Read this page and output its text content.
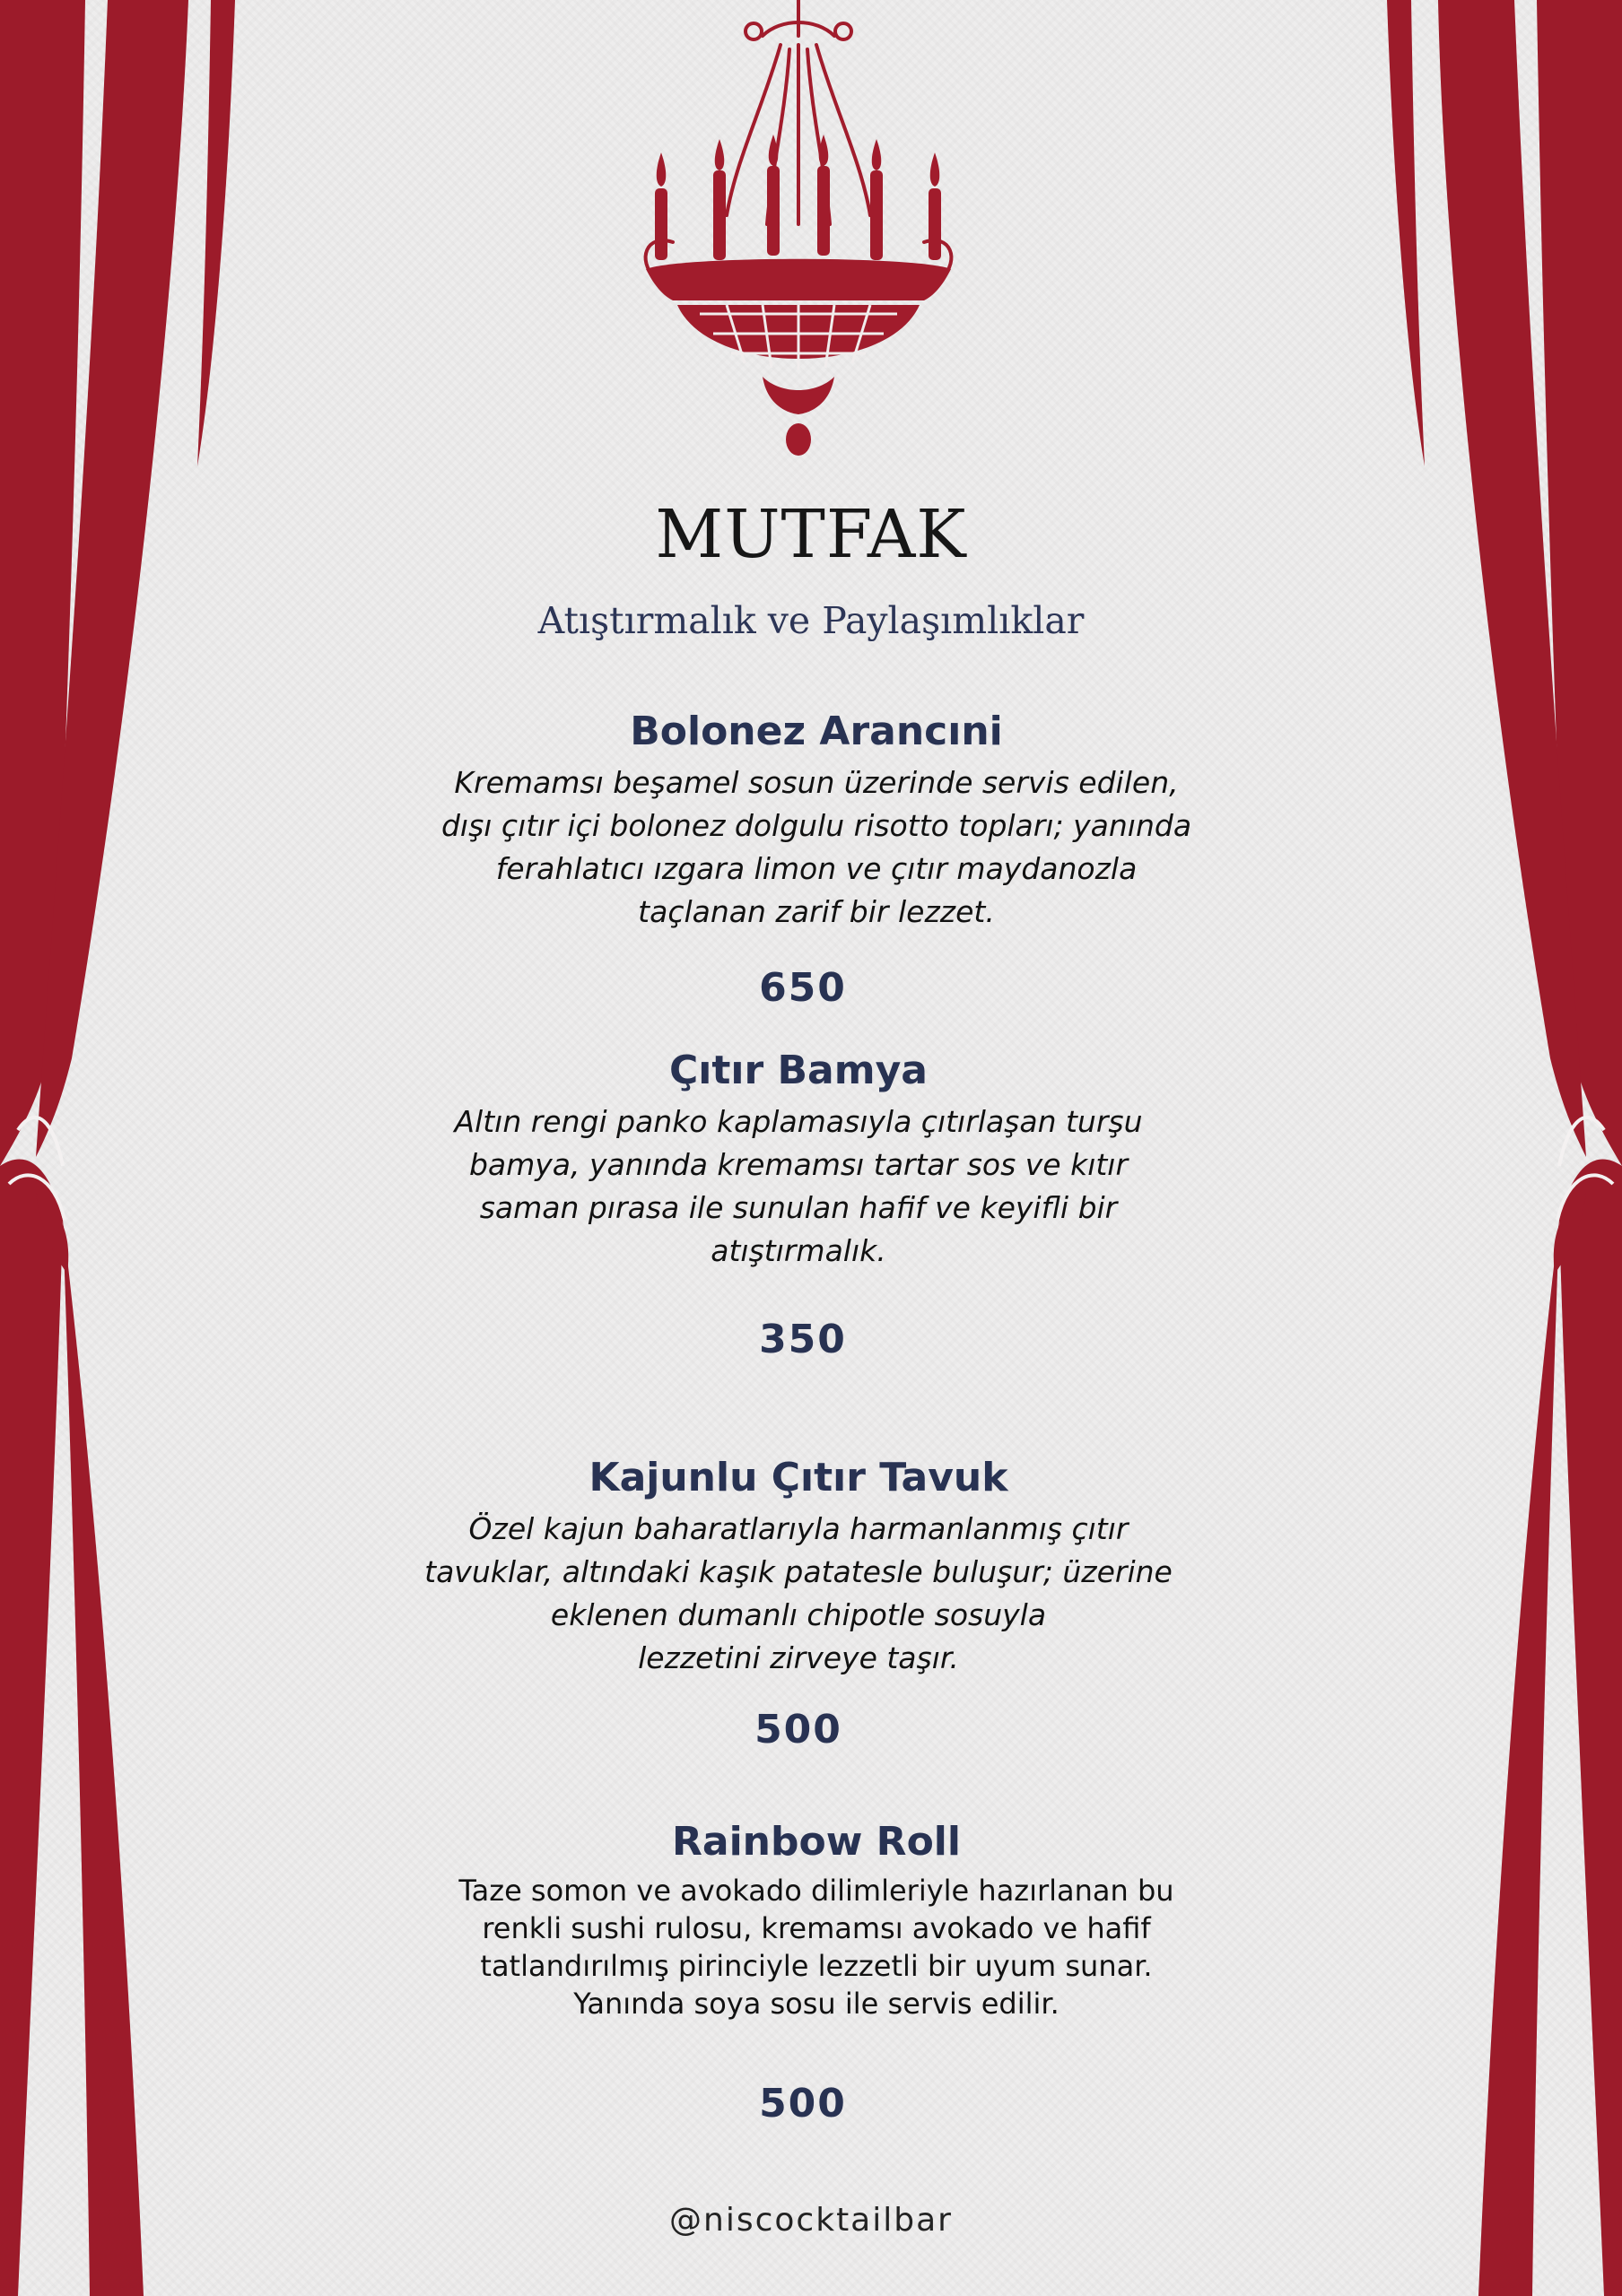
MUTFAK
Atıştırmalık ve Paylaşımlıklar

Bolonez Arancıni

Kremamsı beşamel sosun üzerinde servis edilen,
dışı çıtır içi bolonez dolgulu risotto topları; yanında
ferahlatıcı ızgara limon ve çıtır maydanozla
taçlanan zarif bir lezzet.

650

Çıtır Bamya

Altın rengi panko kaplamasıyla çıtırlaşan turşu
bamya, yanında kremamsı tartar sos ve kıtır
saman pırasa ile sunulan hafif ve keyifli bir
atıştırmalık.

350

Kajunlu Çıtır Tavuk

Özel kajun baharatlarıyla harmanlanmış çıtır
tavuklar, altındaki kaşık patatesle buluşur; üzerine
eklenen dumanlı chipotle sosuyla
lezzetini zirveye taşır.

500

Rainbow Roll

Taze somon ve avokado dilimleriyle hazırlanan bu
renkli sushi rulosu, kremamsı avokado ve hafif
tatlandırılmış pirinciyle lezzetli bir uyum sunar.
Yanında soya sosu ile servis edilir.

500
@niscocktailbar
